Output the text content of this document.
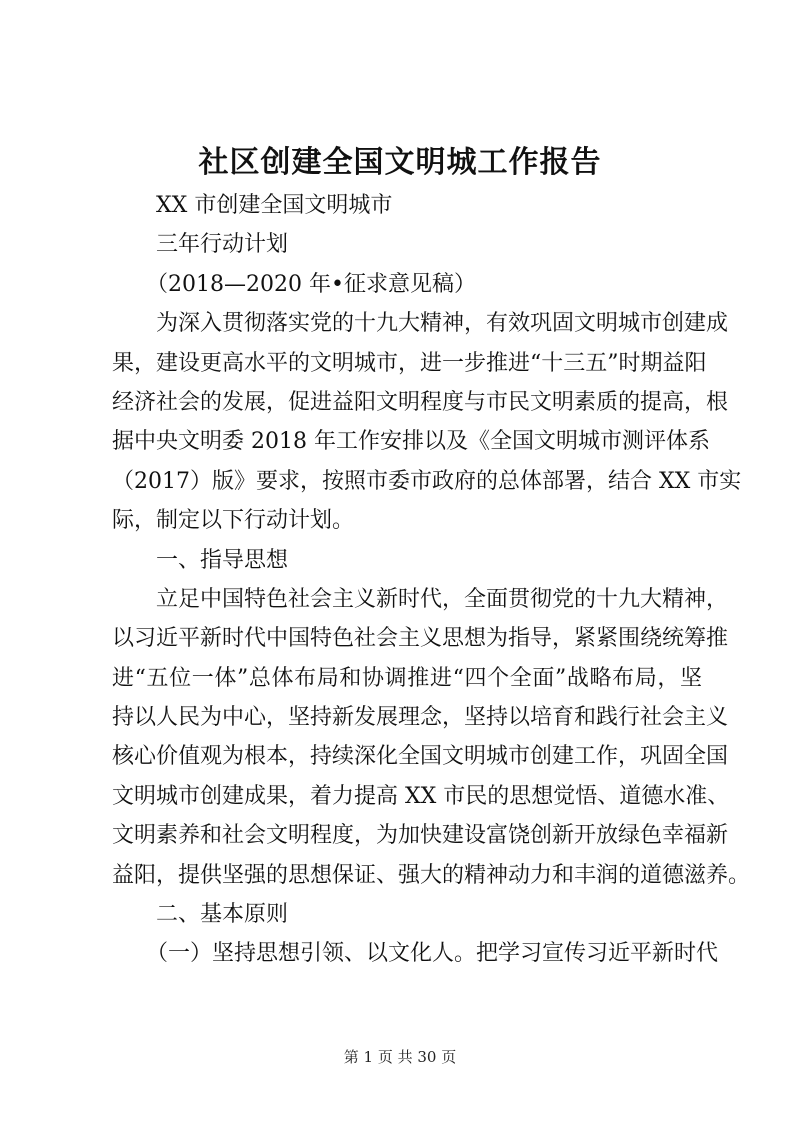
社区创建全国文明城工作报告
XX 市创建全国文明城市
三年行动计划
（2018—2020 年•征求意见稿）
为深入贯彻落实党的十九大精神，有效巩固文明城市创建成
果，建设更高水平的文明城市，进一步推进“十三五”时期益阳
经济社会的发展，促进益阳文明程度与市民文明素质的提高，根
据中央文明委 2018 年工作安排以及《全国文明城市测评体系
（2017）版》要求，按照市委市政府的总体部署，结合 XX 市实
际，制定以下行动计划。
一、指导思想
立足中国特色社会主义新时代，全面贯彻党的十九大精神，
以习近平新时代中国特色社会主义思想为指导，紧紧围绕统筹推
进“五位一体”总体布局和协调推进“四个全面”战略布局，坚
持以人民为中心，坚持新发展理念，坚持以培育和践行社会主义
核心价值观为根本，持续深化全国文明城市创建工作，巩固全国
文明城市创建成果，着力提高 XX 市民的思想觉悟、道德水准、
文明素养和社会文明程度，为加快建设富饶创新开放绿色幸福新
益阳，提供坚强的思想保证、强大的精神动力和丰润的道德滋养。
二、基本原则
（一）坚持思想引领、以文化人。把学习宣传习近平新时代
第 1 页 共 30 页
